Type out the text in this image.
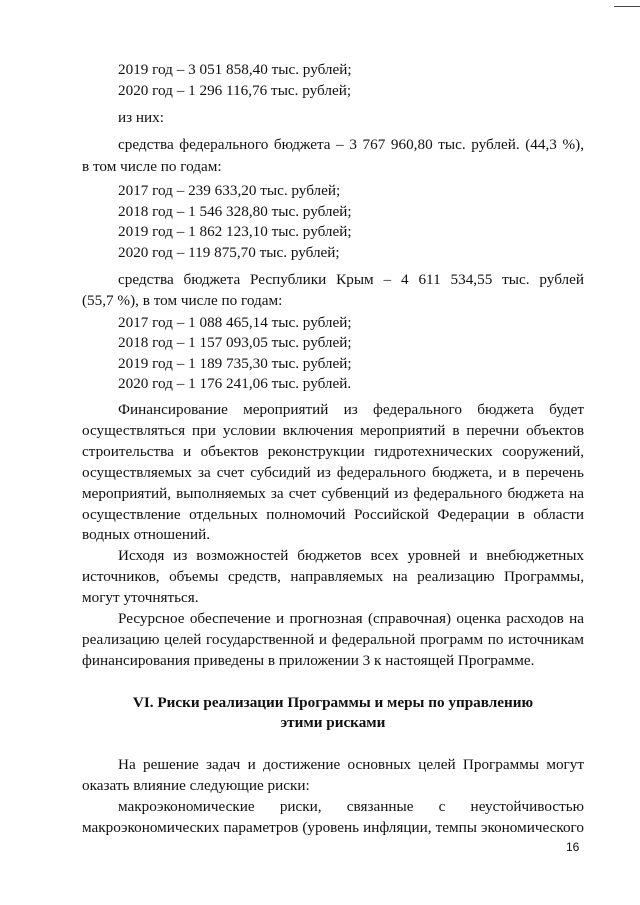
2019 год – 3 051 858,40 тыс. рублей;
2020 год – 1 296 116,76 тыс. рублей;
из них:
средства федерального бюджета – 3 767 960,80 тыс. рублей. (44,3 %),
в том числе по годам:
2017 год – 239 633,20 тыс. рублей;
2018 год – 1 546 328,80 тыс. рублей;
2019 год – 1 862 123,10 тыс. рублей;
2020 год – 119 875,70 тыс. рублей;
средства бюджета Республики Крым – 4 611 534,55 тыс. рублей
(55,7 %), в том числе по годам:
2017 год – 1 088 465,14 тыс. рублей;
2018 год – 1 157 093,05 тыс. рублей;
2019 год – 1 189 735,30 тыс. рублей;
2020 год – 1 176 241,06 тыс. рублей.
Финансирование мероприятий из федерального бюджета будет
осуществляться при условии включения мероприятий в перечни объектов
строительства и объектов реконструкции гидротехнических сооружений,
осуществляемых за счет субсидий из федерального бюджета, и в перечень
мероприятий, выполняемых за счет субвенций из федерального бюджета на
осуществление отдельных полномочий Российской Федерации в области
водных отношений.
Исходя из возможностей бюджетов всех уровней и внебюджетных
источников, объемы средств, направляемых на реализацию Программы,
могут уточняться.
Ресурсное обеспечение и прогнозная (справочная) оценка расходов на
реализацию целей государственной и федеральной программ по источникам
финансирования приведены в приложении 3 к настоящей Программе.
VI. Риски реализации Программы и меры по управлению
этими рисками
На решение задач и достижение основных целей Программы могут
оказать влияние следующие риски:
макроэкономические риски, связанные с неустойчивостью
макроэкономических параметров (уровень инфляции, темпы экономического
16
